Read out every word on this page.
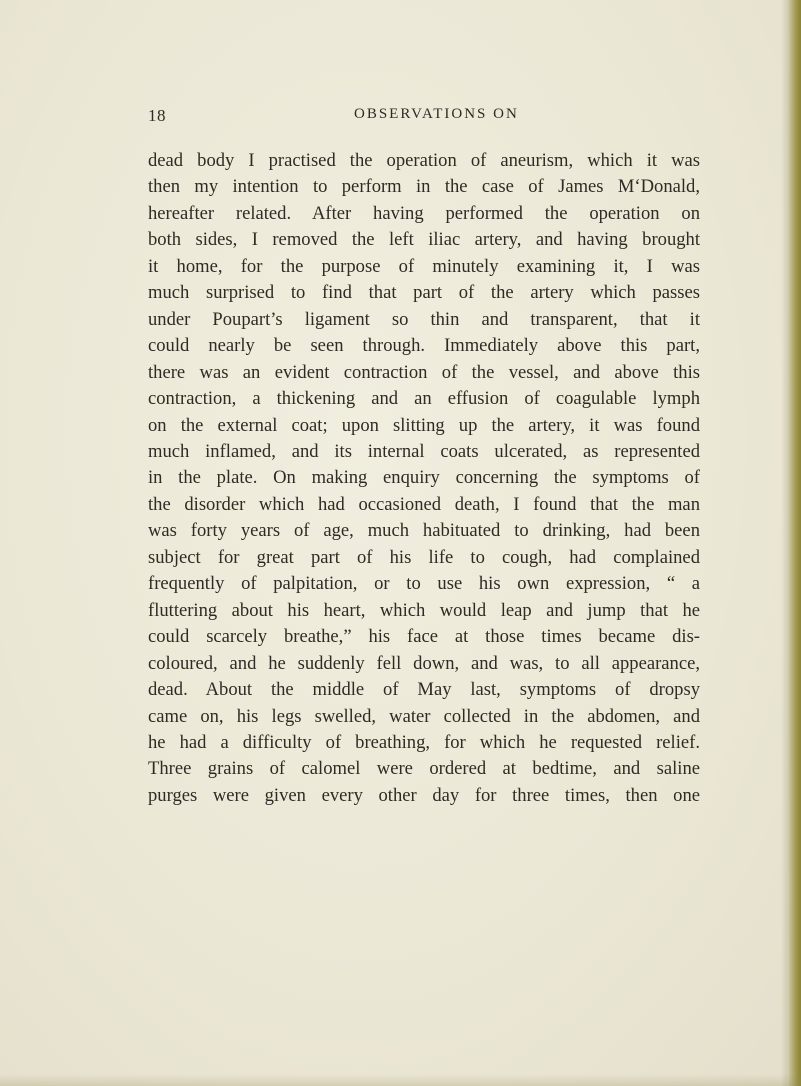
18	OBSERVATIONS ON
dead body I practised the operation of aneurism, which it was
then my intention to perform in the case of James M‘Donald,
hereafter related. After having performed the operation on
both sides, I removed the left iliac artery, and having brought
it home, for the purpose of minutely examining it, I was
much surprised to find that part of the artery which passes
under Poupart’s ligament so thin and transparent, that it
could nearly be seen through. Immediately above this part,
there was an evident contraction of the vessel, and above this
contraction, a thickening and an effusion of coagulable lymph
on the external coat; upon slitting up the artery, it was found
much inflamed, and its internal coats ulcerated, as represented
in the plate. On making enquiry concerning the symptoms of
the disorder which had occasioned death, I found that the man
was forty years of age, much habituated to drinking, had been
subject for great part of his life to cough, had complained
frequently of palpitation, or to use his own expression, “ a
fluttering about his heart, which would leap and jump that he
could scarcely breathe,” his face at those times became dis-
coloured, and he suddenly fell down, and was, to all appearance,
dead. About the middle of May last, symptoms of dropsy
came on, his legs swelled, water collected in the abdomen, and
he had a difficulty of breathing, for which he requested relief.
Three grains of calomel were ordered at bedtime, and saline
purges were given every other day for three times, then one
